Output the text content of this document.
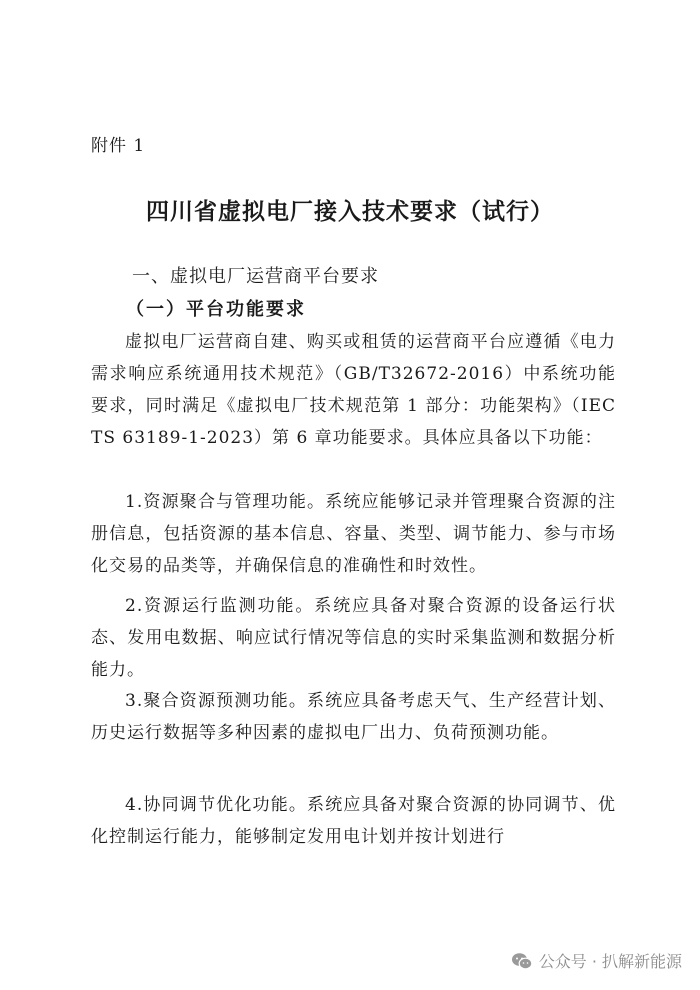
附件 1
四川省虚拟电厂接入技术要求（试行）
一、虚拟电厂运营商平台要求
（一）平台功能要求

虚拟电厂运营商自建、购买或租赁的运营商平台应遵循《电力需求响应系统通用技术规范》（GB/T32672-2016）中系统功能要求，同时满足《虚拟电厂技术规范第 1 部分：功能架构》（IEC TS 63189-1-2023）第 6 章功能要求。具体应具备以下功能：

1.资源聚合与管理功能。系统应能够记录并管理聚合资源的注册信息，包括资源的基本信息、容量、类型、调节能力、参与市场化交易的品类等，并确保信息的准确性和时效性。

2.资源运行监测功能。系统应具备对聚合资源的设备运行状态、发用电数据、响应试行情况等信息的实时采集监测和数据分析能力。

3.聚合资源预测功能。系统应具备考虑天气、生产经营计划、历史运行数据等多种因素的虚拟电厂出力、负荷预测功能。

4.协同调节优化功能。系统应具备对聚合资源的协同调节、优化控制运行能力，能够制定发用电计划并按计划进行

公众号 · 扒解新能源
